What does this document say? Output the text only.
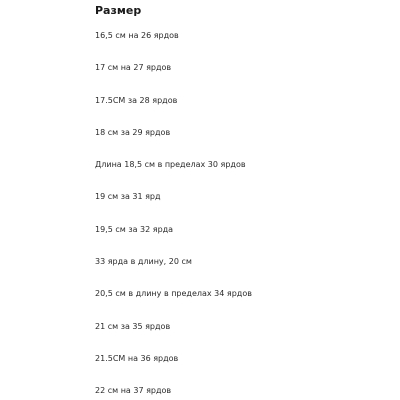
Размер
16,5 см на 26 ярдов
17 см на 27 ярдов
17.5CM за 28 ярдов
18 см за 29 ярдов
Длина 18,5 см в пределах 30 ярдов
19 см за 31 ярд
19,5 см за 32 ярда
33 ярда в длину, 20 см
20,5 см в длину в пределах 34 ярдов
21 см за 35 ярдов
21.5CM на 36 ярдов
22 см на 37 ярдов
